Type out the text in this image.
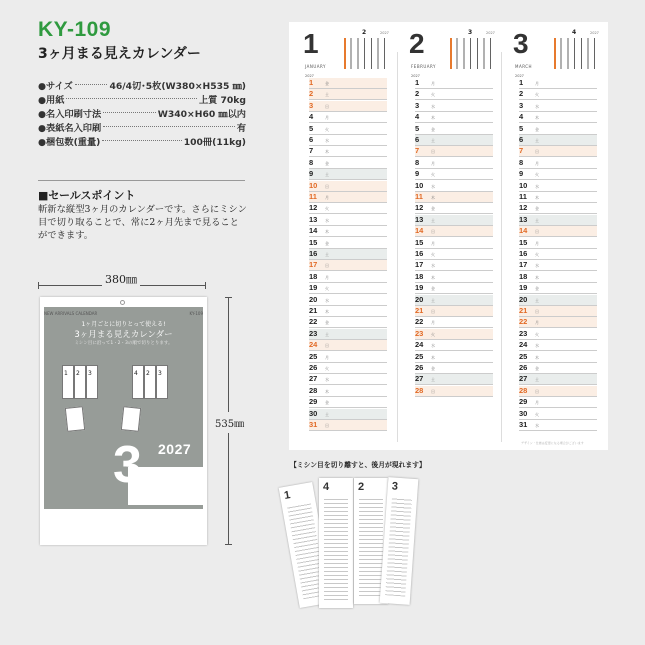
KY-109
3ヶ月まる見えカレンダー
●サイズ	46/4切･5枚(W380×H535 ㎜)
●用紙	上質 70kg
●名入印刷寸法	W340×H60 ㎜以内
●表紙名入印刷	有
●梱包数(重量)	100冊(11kg)
■セールスポイント
斬新な縦型3ヶ月のカレンダーです。さらにミシン目で切り取ることで、常に2ヶ月先まで見ることができます。
380㎜
535㎜
NEW ARRIVALS CALENDAR	KY-109
1ヶ月ごとに切りとって使える!
3ヶ月まる見えカレンダー
ミシン目に沿って1・2・3の順で切りとります。
1 2 3	4 2 3
3 2027
MONTH
CALENDAR
1
JANUARY
2027
2	2027
1	金
2	土
3	日
4	月
5	火
6	水
7	木
8	金
9	土
10 日
11 月
12 火
13 水
14 木
15 金
16 土
17 日
18 月
19 火
20 水
21 木
22 金
23 土
24 日
25 月
26 火
27 水
28 木
29 金
30 土
31 日
2
FEBRUARY
2027
3	2027
1	月
2	火
3	水
4	木
5	金
6	土
7	日
8	月
9	火
10 水
11 木
12 金
13 土
14 日
15 月
16 火
17 水
18 木
19 金
20 土
21 日
22 月
23 火
24 水
25 木
26 金
27 土
28 日
3
MARCH
2027
4	2027
1	月
2	火
3	水
4	木
5	金
6	土
7	日
8	月
9	火
10 水
11 木
12 金
13 土
14 日
15 月
16 火
17 水
18 木
19 金
20 土
21 日
22 月
23 火
24 水
25 木
26 金
27 土
28 日
29 月
30 火
31 水
デザイン・仕様は変更になる場合がございます
【ミシン目を切り離すと、後月が現れます】
1
4	2 3
